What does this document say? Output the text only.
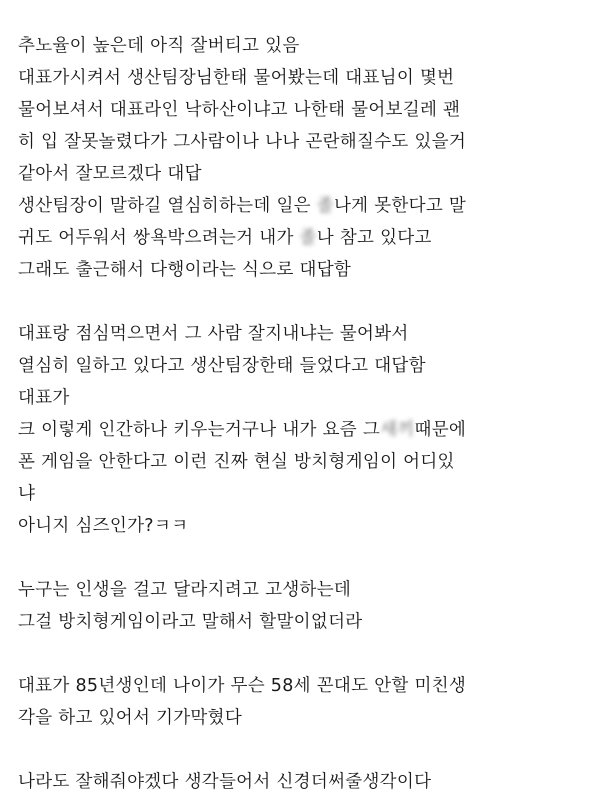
추노율이 높은데 아직 잘버티고 있음
대표가시켜서 생산팀장님한태 물어봤는데 대표님이 몇번
물어보셔서 대표라인 낙하산이냐고 나한태 물어보길레 괜
히 입 잘못놀렸다가 그사람이나 나나 곤란해질수도 있을거
같아서 잘모르겠다 대답
생산팀장이 말하길 열심히하는데 일은 졸나게 못한다고 말
귀도 어두워서 쌍욕박으려는거 내가 졸나 참고 있다고
그래도 출근해서 다행이라는 식으로 대답함
대표랑 점심먹으면서 그 사람 잘지내냐는 물어봐서
열심히 일하고 있다고 생산팀장한태 들었다고 대답함
대표가
크 이렇게 인간하나 키우는거구나 내가 요즘 그새끼때문에
폰 게임을 안한다고 이런 진짜 현실 방치형게임이 어디있
냐
아니지 심즈인가?ㅋㅋ
누구는 인생을 걸고 달라지려고 고생하는데
그걸 방치형게임이라고 말해서 할말이없더라
대표가 85년생인데 나이가 무슨 58세 꼰대도 안할 미친생
각을 하고 있어서 기가막혔다
나라도 잘해줘야겠다 생각들어서 신경더써줄생각이다
